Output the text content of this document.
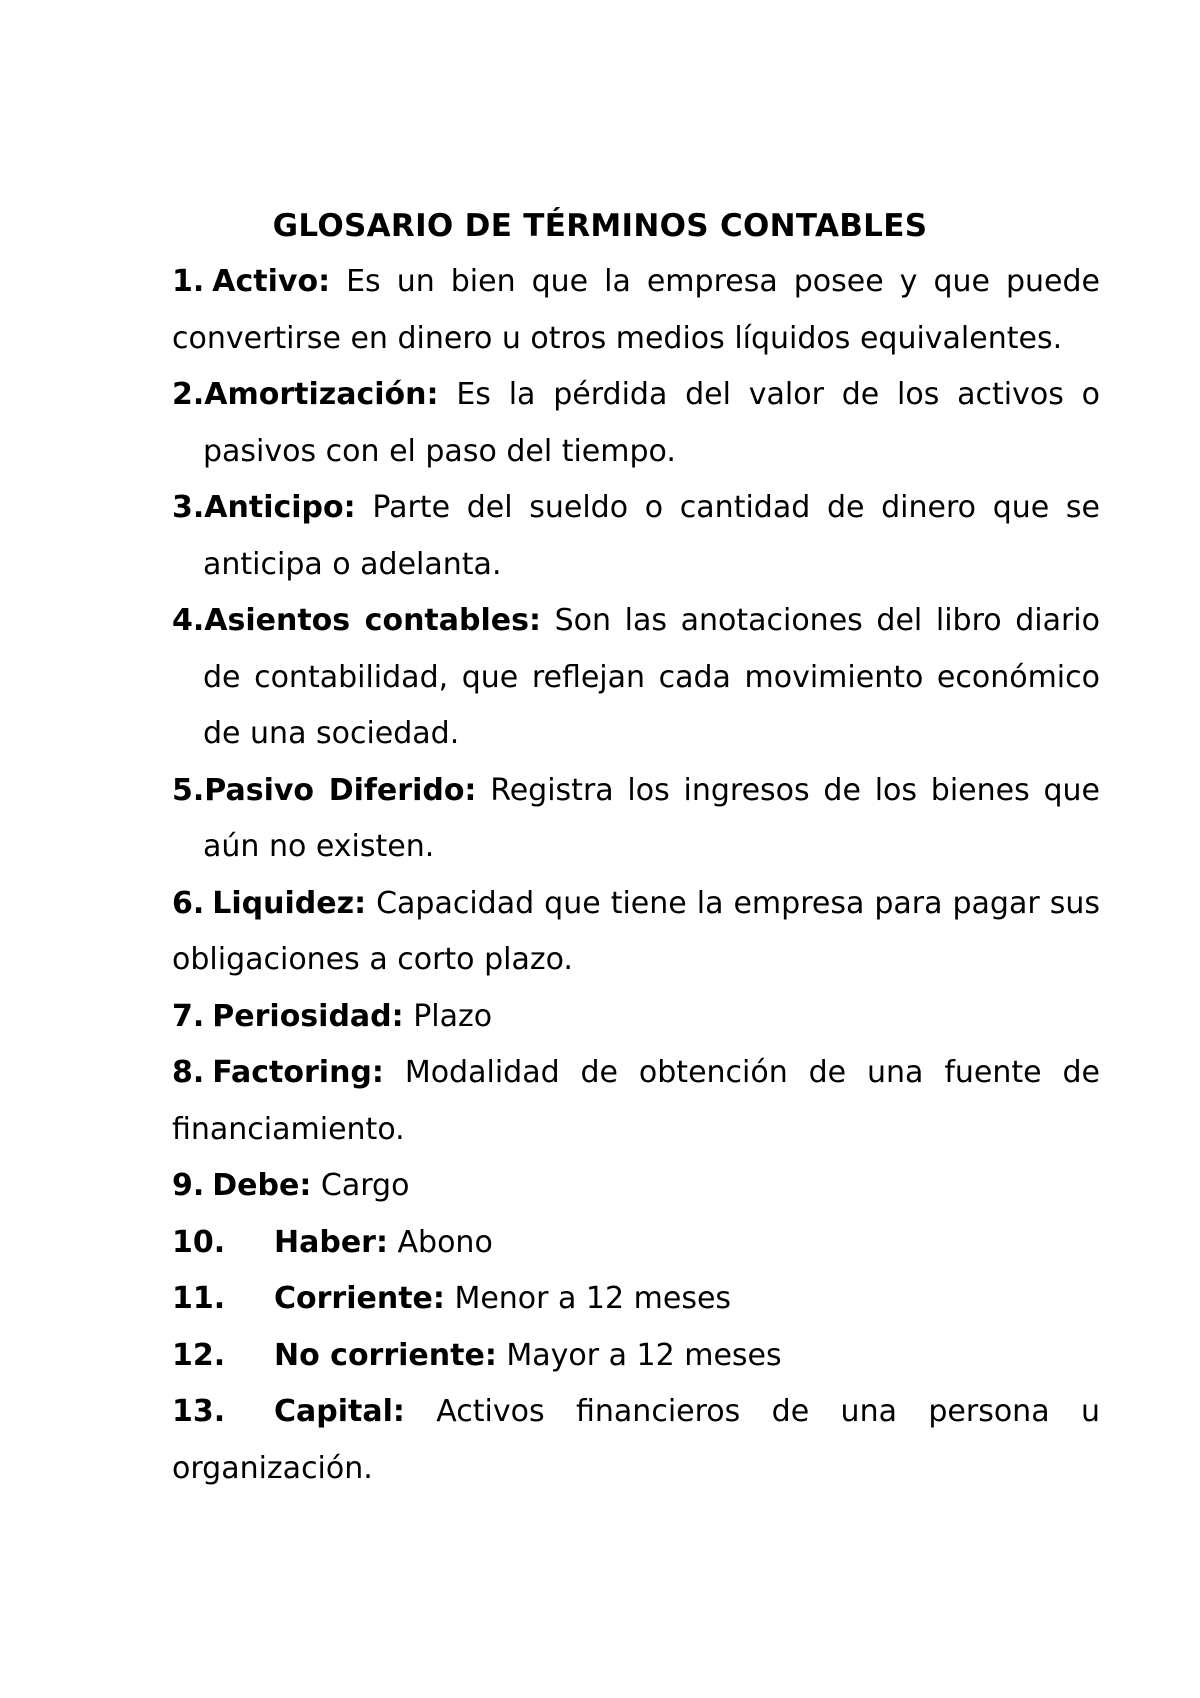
GLOSARIO DE TÉRMINOS CONTABLES
1. Activo: Es un bien que la empresa posee y que puede convertirse en dinero u otros medios líquidos equivalentes.
2.Amortización: Es la pérdida del valor de los activos o pasivos con el paso del tiempo.
3.Anticipo: Parte del sueldo o cantidad de dinero que se anticipa o adelanta.
4.Asientos contables: Son las anotaciones del libro diario de contabilidad, que reflejan cada movimiento económico de una sociedad.
5.Pasivo Diferido: Registra los ingresos de los bienes que aún no existen.
6. Liquidez: Capacidad que tiene la empresa para pagar sus obligaciones a corto plazo.
7. Periosidad: Plazo
8. Factoring: Modalidad de obtención de una fuente de financiamiento.
9. Debe: Cargo
10. Haber: Abono
11. Corriente: Menor a 12 meses
12. No corriente: Mayor a 12 meses
13. Capital: Activos financieros de una persona u organización.
